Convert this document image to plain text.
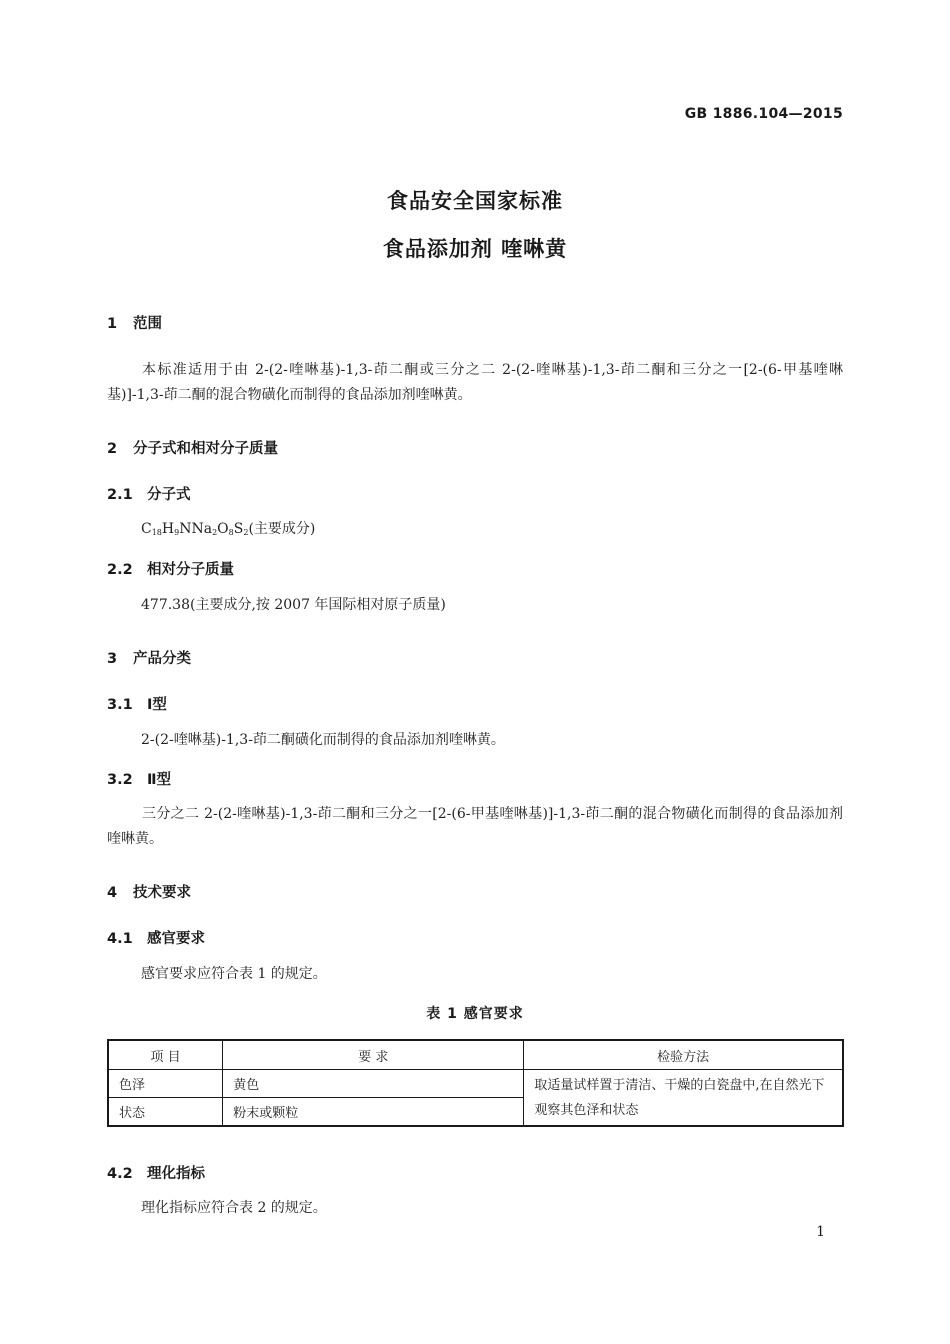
GB 1886.104—2015
食品安全国家标准
食品添加剂 喹啉黄
1 范围
本标准适用于由 2-(2-喹啉基)-1,3-茚二酮或三分之二 2-(2-喹啉基)-1,3-茚二酮和三分之一[2-(6-甲基喹啉基)]-1,3-茚二酮的混合物磺化而制得的食品添加剂喹啉黄。
2 分子式和相对分子质量
2.1 分子式
$C_{18}H_9NNa_2O_8S_2$(主要成分)
2.2 相对分子质量
477.38(主要成分,按 2007 年国际相对原子质量)
3 产品分类
3.1 Ⅰ型
2-(2-喹啉基)-1,3-茚二酮磺化而制得的食品添加剂喹啉黄。
3.2 Ⅱ型
三分之二 2-(2-喹啉基)-1,3-茚二酮和三分之一[2-(6-甲基喹啉基)]-1,3-茚二酮的混合物磺化而制得的食品添加剂喹啉黄。
4 技术要求
4.1 感官要求
感官要求应符合表 1 的规定。
表 1 感官要求
项 目	要 求	检验方法
色泽	黄色	取适量试样置于清洁、干燥的白瓷盘中,在自然光下观察其色泽和状态
状态	粉末或颗粒	
4.2 理化指标
理化指标应符合表 2 的规定。
1
